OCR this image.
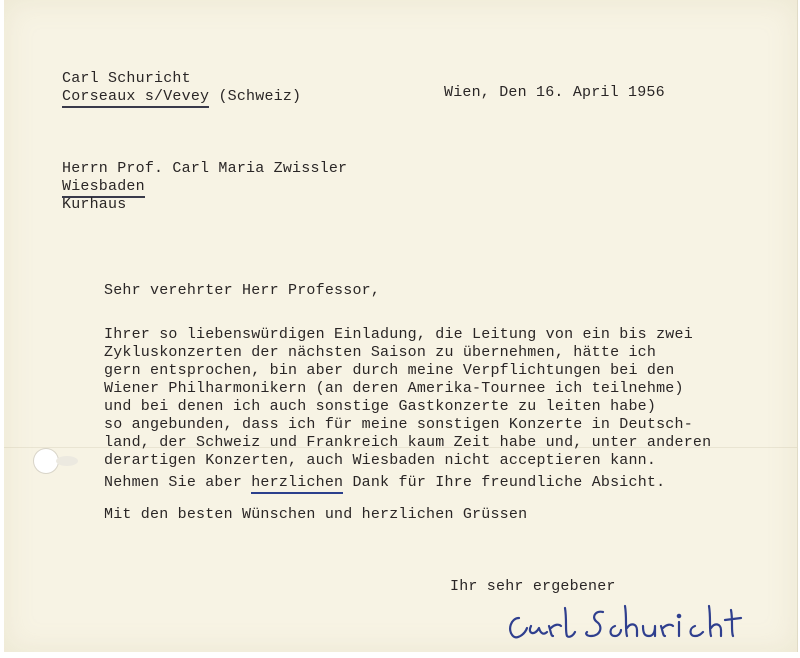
Carl Schuricht
Corseaux s/Vevey (Schweiz)	Wien, Den 16. April 1956
Herrn Prof. Carl Maria Zwissler
Wiesbaden
Kurhaus
Sehr verehrter Herr Professor,
Ihrer so liebenswürdigen Einladung, die Leitung von ein bis zwei
Zykluskonzerten der nächsten Saison zu übernehmen, hätte ich
gern entsprochen, bin aber durch meine Verpflichtungen bei den
Wiener Philharmonikern (an deren Amerika-Tournee ich teilnehme)
und bei denen ich auch sonstige Gastkonzerte zu leiten habe)
so angebunden, dass ich für meine sonstigen Konzerte in Deutsch-
land, der Schweiz und Frankreich kaum Zeit habe und, unter anderen
derartigen Konzerten, auch Wiesbaden nicht acceptieren kann.
Nehmen Sie aber herzlichen Dank für Ihre freundliche Absicht.
Mit den besten Wünschen und herzlichen Grüssen
Ihr sehr ergebener
